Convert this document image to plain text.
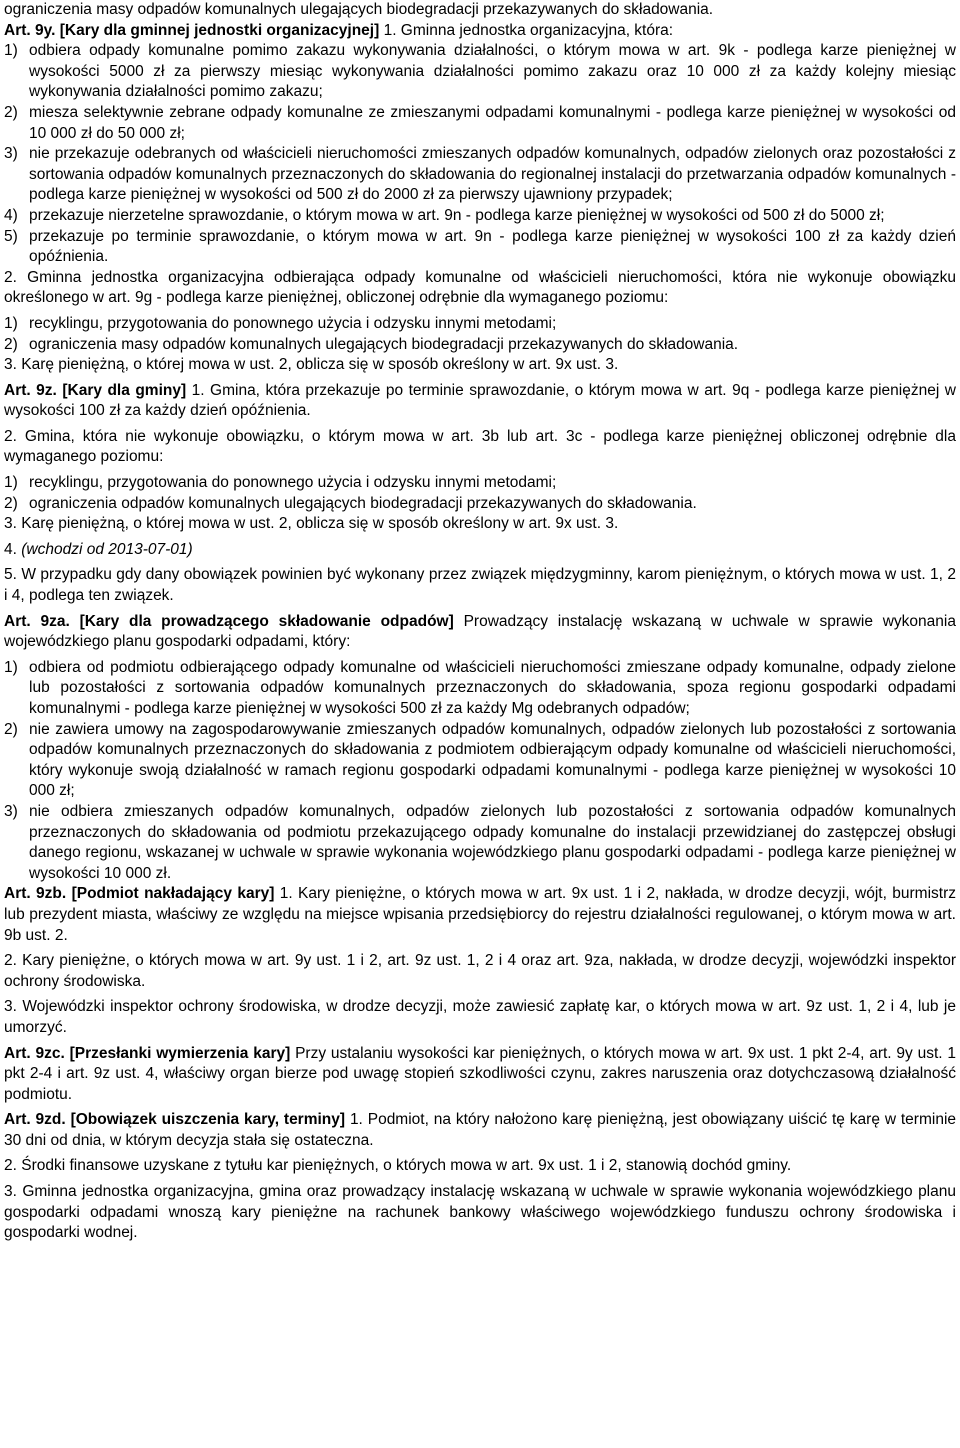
ograniczenia masy odpadów komunalnych ulegających biodegradacji przekazywanych do składowania.

Art. 9y. [Kary dla gminnej jednostki organizacyjnej] 1. Gminna jednostka organizacyjna, która:

1) odbiera odpady komunalne pomimo zakazu wykonywania działalności, o którym mowa w art. 9k - podlega karze pieniężnej w wysokości 5000 zł za pierwszy miesiąc wykonywania działalności pomimo zakazu oraz 10 000 zł za każdy kolejny miesiąc wykonywania działalności pomimo zakazu;

2) miesza selektywnie zebrane odpady komunalne ze zmieszanymi odpadami komunalnymi - podlega karze pieniężnej w wysokości od 10 000 zł do 50 000 zł;

3) nie przekazuje odebranych od właścicieli nieruchomości zmieszanych odpadów komunalnych, odpadów zielonych oraz pozostałości z sortowania odpadów komunalnych przeznaczonych do składowania do regionalnej instalacji do przetwarzania odpadów komunalnych - podlega karze pieniężnej w wysokości od 500 zł do 2000 zł za pierwszy ujawniony przypadek;

4) przekazuje nierzetelne sprawozdanie, o którym mowa w art. 9n - podlega karze pieniężnej w wysokości od 500 zł do 5000 zł;

5) przekazuje po terminie sprawozdanie, o którym mowa w art. 9n - podlega karze pieniężnej w wysokości 100 zł za każdy dzień opóźnienia.

2. Gminna jednostka organizacyjna odbierająca odpady komunalne od właścicieli nieruchomości, która nie wykonuje obowiązku określonego w art. 9g - podlega karze pieniężnej, obliczonej odrębnie dla wymaganego poziomu:

1) recyklingu, przygotowania do ponownego użycia i odzysku innymi metodami;

2) ograniczenia masy odpadów komunalnych ulegających biodegradacji przekazywanych do składowania.

3. Karę pieniężną, o której mowa w ust. 2, oblicza się w sposób określony w art. 9x ust. 3.

Art. 9z. [Kary dla gminy] 1. Gmina, która przekazuje po terminie sprawozdanie, o którym mowa w art. 9q - podlega karze pieniężnej w wysokości 100 zł za każdy dzień opóźnienia.

2. Gmina, która nie wykonuje obowiązku, o którym mowa w art. 3b lub art. 3c - podlega karze pieniężnej obliczonej odrębnie dla wymaganego poziomu:

1) recyklingu, przygotowania do ponownego użycia i odzysku innymi metodami;

2) ograniczenia odpadów komunalnych ulegających biodegradacji przekazywanych do składowania.

3. Karę pieniężną, o której mowa w ust. 2, oblicza się w sposób określony w art. 9x ust. 3.

4. (wchodzi od 2013-07-01)

5. W przypadku gdy dany obowiązek powinien być wykonany przez związek międzygminny, karom pieniężnym, o których mowa w ust. 1, 2 i 4, podlega ten związek.

Art. 9za. [Kary dla prowadzącego składowanie odpadów] Prowadzący instalację wskazaną w uchwale w sprawie wykonania wojewódzkiego planu gospodarki odpadami, który:

1) odbiera od podmiotu odbierającego odpady komunalne od właścicieli nieruchomości zmieszane odpady komunalne, odpady zielone lub pozostałości z sortowania odpadów komunalnych przeznaczonych do składowania, spoza regionu gospodarki odpadami komunalnymi - podlega karze pieniężnej w wysokości 500 zł za każdy Mg odebranych odpadów;

2) nie zawiera umowy na zagospodarowywanie zmieszanych odpadów komunalnych, odpadów zielonych lub pozostałości z sortowania odpadów komunalnych przeznaczonych do składowania z podmiotem odbierającym odpady komunalne od właścicieli nieruchomości, który wykonuje swoją działalność w ramach regionu gospodarki odpadami komunalnymi - podlega karze pieniężnej w wysokości 10 000 zł;

3) nie odbiera zmieszanych odpadów komunalnych, odpadów zielonych lub pozostałości z sortowania odpadów komunalnych przeznaczonych do składowania od podmiotu przekazującego odpady komunalne do instalacji przewidzianej do zastępczej obsługi danego regionu, wskazanej w uchwale w sprawie wykonania wojewódzkiego planu gospodarki odpadami - podlega karze pieniężnej w wysokości 10 000 zł.

Art. 9zb. [Podmiot nakładający kary] 1. Kary pieniężne, o których mowa w art. 9x ust. 1 i 2, nakłada, w drodze decyzji, wójt, burmistrz lub prezydent miasta, właściwy ze względu na miejsce wpisania przedsiębiorcy do rejestru działalności regulowanej, o którym mowa w art. 9b ust. 2.

2. Kary pieniężne, o których mowa w art. 9y ust. 1 i 2, art. 9z ust. 1, 2 i 4 oraz art. 9za, nakłada, w drodze decyzji, wojewódzki inspektor ochrony środowiska.

3. Wojewódzki inspektor ochrony środowiska, w drodze decyzji, może zawiesić zapłatę kar, o których mowa w art. 9z ust. 1, 2 i 4, lub je umorzyć.

Art. 9zc. [Przesłanki wymierzenia kary] Przy ustalaniu wysokości kar pieniężnych, o których mowa w art. 9x ust. 1 pkt 2-4, art. 9y ust. 1 pkt 2-4 i art. 9z ust. 4, właściwy organ bierze pod uwagę stopień szkodliwości czynu, zakres naruszenia oraz dotychczasową działalność podmiotu.

Art. 9zd. [Obowiązek uiszczenia kary, terminy] 1. Podmiot, na który nałożono karę pieniężną, jest obowiązany uiścić tę karę w terminie 30 dni od dnia, w którym decyzja stała się ostateczna.

2. Środki finansowe uzyskane z tytułu kar pieniężnych, o których mowa w art. 9x ust. 1 i 2, stanowią dochód gminy.

3. Gminna jednostka organizacyjna, gmina oraz prowadzący instalację wskazaną w uchwale w sprawie wykonania wojewódzkiego planu gospodarki odpadami wnoszą kary pieniężne na rachunek bankowy właściwego wojewódzkiego funduszu ochrony środowiska i gospodarki wodnej.
